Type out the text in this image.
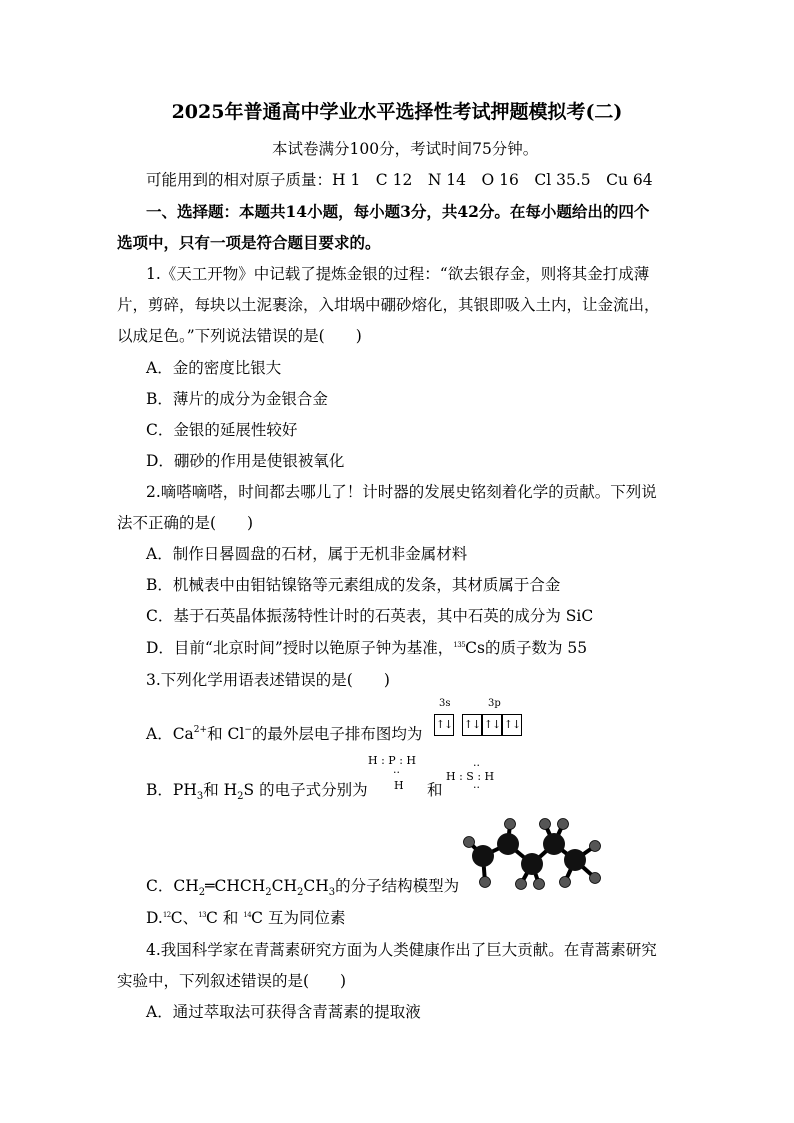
2025年普通高中学业水平选择性考试押题模拟考(二)
本试卷满分100分，考试时间75分钟。
可能用到的相对原子质量：H 1　C 12　N 14　O 16　Cl 35.5　Cu 64
一、选择题：本题共14小题，每小题3分，共42分。在每小题给出的四个
选项中，只有一项是符合题目要求的。
1.《天工开物》中记载了提炼金银的过程：“欲去银存金，则将其金打成薄
片，剪碎，每块以土泥裹涂，入坩埚中硼砂熔化，其银即吸入土内，让金流出，
以成足色。”下列说法错误的是(　　)
A．金的密度比银大
B．薄片的成分为金银合金
C．金银的延展性较好
D．硼砂的作用是使银被氧化
2.嘀嗒嘀嗒，时间都去哪儿了！计时器的发展史铭刻着化学的贡献。下列说
法不正确的是(　　)
A．制作日晷圆盘的石材，属于无机非金属材料
B．机械表中由钼钴镍铬等元素组成的发条，其材质属于合金
C．基于石英晶体振荡特性计时的石英表，其中石英的成分为 SiC
D．目前“北京时间”授时以铯原子钟为基准，$^{135}$Cs的质子数为 55
3.下列化学用语表述错误的是(　　)
A．$Ca^{2+}$和 Cl−的最外层电子排布图均为
3s	3p
↑↓ ↑↓ ↑↓ ↑↓
B．$PH_3$和 $H_2S$ 的电子式分别为
H : P : H
··
H 和
··
H : S : H
··
C．$CH_2═CHCH_2CH_2CH_3$的分子结构模型为
D.$^{12}$C、$^{13}$C 和 $^{14}$C 互为同位素
4.我国科学家在青蒿素研究方面为人类健康作出了巨大贡献。在青蒿素研究
实验中，下列叙述错误的是(　　)
A．通过萃取法可获得含青蒿素的提取液
